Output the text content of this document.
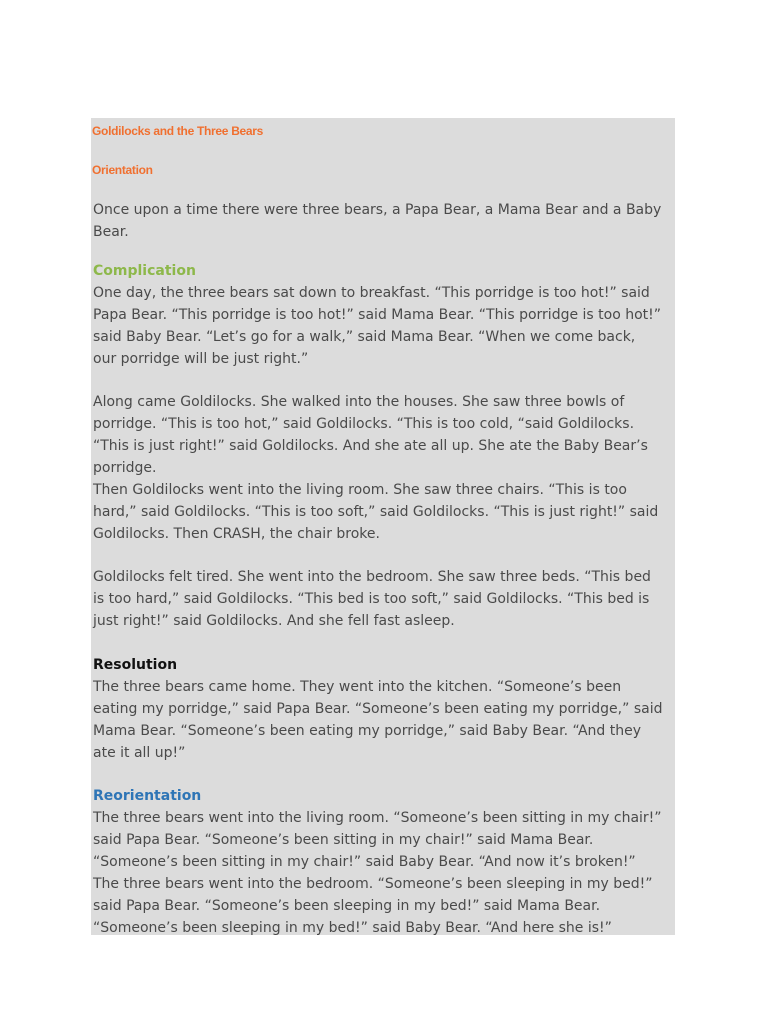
Goldilocks and the Three Bears

Orientation

Once upon a time there were three bears, a Papa Bear, a Mama Bear and a Baby
Bear.

Complication

One day, the three bears sat down to breakfast. “This porridge is too hot!” said
Papa Bear. “This porridge is too hot!” said Mama Bear. “This porridge is too hot!”
said Baby Bear. “Let’s go for a walk,” said Mama Bear. “When we come back,
our porridge will be just right.”

Along came Goldilocks. She walked into the houses. She saw three bowls of
porridge. “This is too hot,” said Goldilocks. “This is too cold, “said Goldilocks.
“This is just right!” said Goldilocks. And she ate all up. She ate the Baby Bear’s
porridge.
Then Goldilocks went into the living room. She saw three chairs. “This is too
hard,” said Goldilocks. “This is too soft,” said Goldilocks. “This is just right!” said
Goldilocks. Then CRASH, the chair broke.

Goldilocks felt tired. She went into the bedroom. She saw three beds. “This bed
is too hard,” said Goldilocks. “This bed is too soft,” said Goldilocks. “This bed is
just right!” said Goldilocks. And she fell fast asleep.

Resolution

The three bears came home. They went into the kitchen. “Someone’s been
eating my porridge,” said Papa Bear. “Someone’s been eating my porridge,” said
Mama Bear. “Someone’s been eating my porridge,” said Baby Bear. “And they
ate it all up!”

Reorientation

The three bears went into the living room. “Someone’s been sitting in my chair!”
said Papa Bear. “Someone’s been sitting in my chair!” said Mama Bear.
“Someone’s been sitting in my chair!” said Baby Bear. “And now it’s broken!”
The three bears went into the bedroom. “Someone’s been sleeping in my bed!”
said Papa Bear. “Someone’s been sleeping in my bed!” said Mama Bear.
“Someone’s been sleeping in my bed!” said Baby Bear. “And here she is!”
